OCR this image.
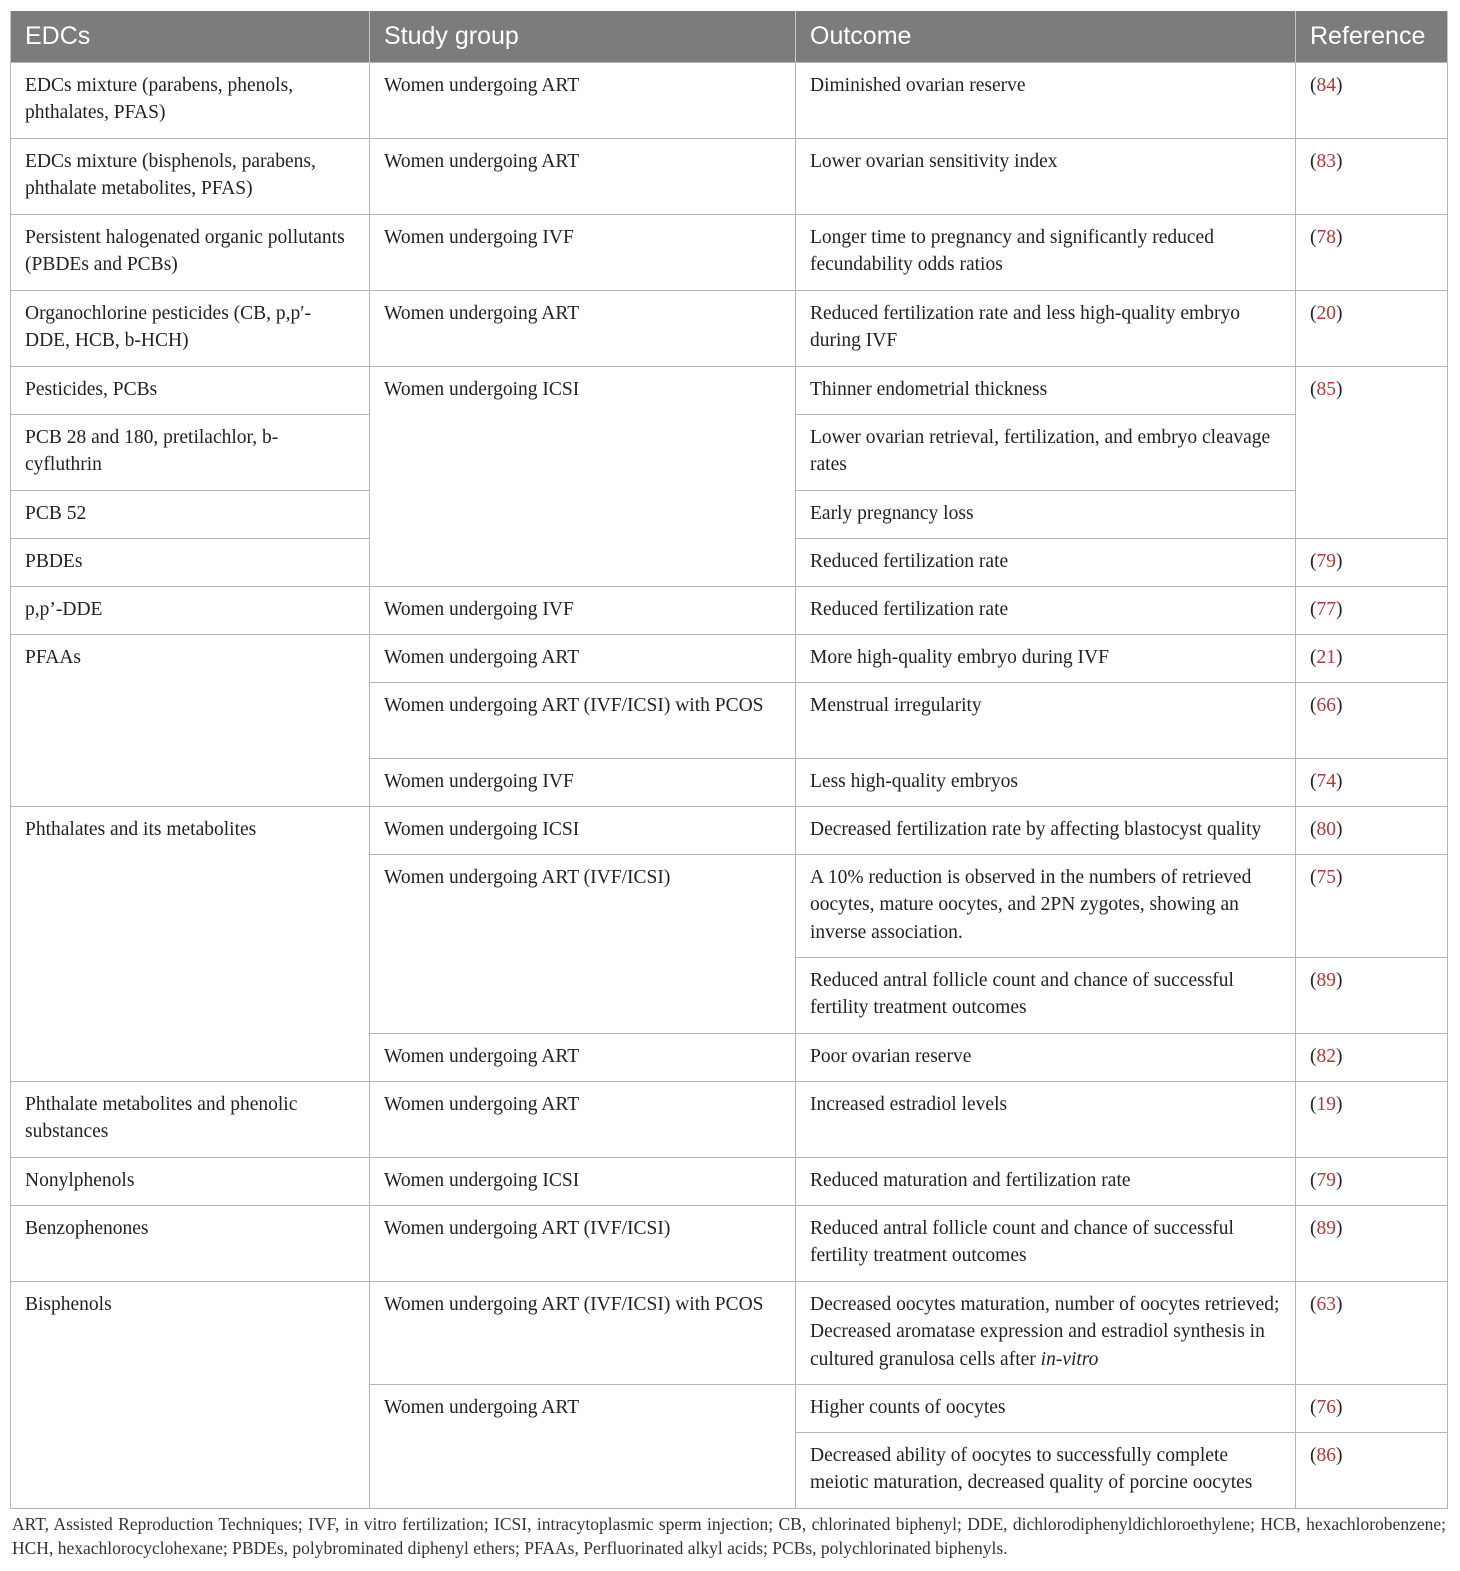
EDCs	Study group	Outcome	Reference
EDCs mixture (parabens, phenols, phthalates, PFAS)	Women undergoing ART	Diminished ovarian reserve	(84)
EDCs mixture (bisphenols, parabens, phthalate metabolites, PFAS)	Women undergoing ART	Lower ovarian sensitivity index	(83)
Persistent halogenated organic pollutants (PBDEs and PCBs)	Women undergoing IVF	Longer time to pregnancy and significantly reduced fecundability odds ratios	(78)
Organochlorine pesticides (CB, p,p′-DDE, HCB, b-HCH)	Women undergoing ART	Reduced fertilization rate and less high-quality embryo during IVF	(20)
Pesticides, PCBs	Women undergoing ICSI	Thinner endometrial thickness	(85)
PCB 28 and 180, pretilachlor, b-cyfluthrin		Lower ovarian retrieval, fertilization, and embryo cleavage rates	
PCB 52		Early pregnancy loss	
PBDEs		Reduced fertilization rate	(79)
p,p’-DDE	Women undergoing IVF	Reduced fertilization rate	(77)
PFAAs	Women undergoing ART	More high-quality embryo during IVF	(21)
	Women undergoing ART (IVF/ICSI) with PCOS	Menstrual irregularity	(66)
	Women undergoing IVF	Less high-quality embryos	(74)
Phthalates and its metabolites	Women undergoing ICSI	Decreased fertilization rate by affecting blastocyst quality	(80)
	Women undergoing ART (IVF/ICSI)	A 10% reduction is observed in the numbers of retrieved oocytes, mature oocytes, and 2PN zygotes, showing an inverse association.	(75)
		Reduced antral follicle count and chance of successful fertility treatment outcomes	(89)
	Women undergoing ART	Poor ovarian reserve	(82)
Phthalate metabolites and phenolic substances	Women undergoing ART	Increased estradiol levels	(19)
Nonylphenols	Women undergoing ICSI	Reduced maturation and fertilization rate	(79)
Benzophenones	Women undergoing ART (IVF/ICSI)	Reduced antral follicle count and chance of successful fertility treatment outcomes	(89)
Bisphenols	Women undergoing ART (IVF/ICSI) with PCOS	Decreased oocytes maturation, number of oocytes retrieved; Decreased aromatase expression and estradiol synthesis in cultured granulosa cells after in-vitro	(63)
	Women undergoing ART	Higher counts of oocytes	(76)
		Decreased ability of oocytes to successfully complete meiotic maturation, decreased quality of porcine oocytes	(86)
ART, Assisted Reproduction Techniques; IVF, in vitro fertilization; ICSI, intracytoplasmic sperm injection; CB, chlorinated biphenyl; DDE, dichlorodiphenyldichloroethylene; HCB, hexachlorobenzene; HCH, hexachlorocyclohexane; PBDEs, polybrominated diphenyl ethers; PFAAs, Perfluorinated alkyl acids; PCBs, polychlorinated biphenyls.
